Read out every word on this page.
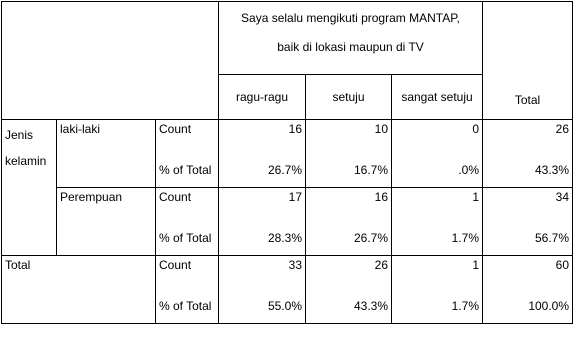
			Saya selalu mengikuti program MANTAP,
baik di lokasi maupun di TV			Total
			ragu-ragu	setuju	sangat setuju	

Jenis
kelamin	laki-laki	Count	16	10	0	26
		% of Total	26.7%	16.7%	.0%	43.3%
	Perempuan	Count	17	16	1	34
		% of Total	28.3%	26.7%	1.7%	56.7%
Total		Count	33	26	1	60
		% of Total	55.0%	43.3%	1.7%	100.0%
